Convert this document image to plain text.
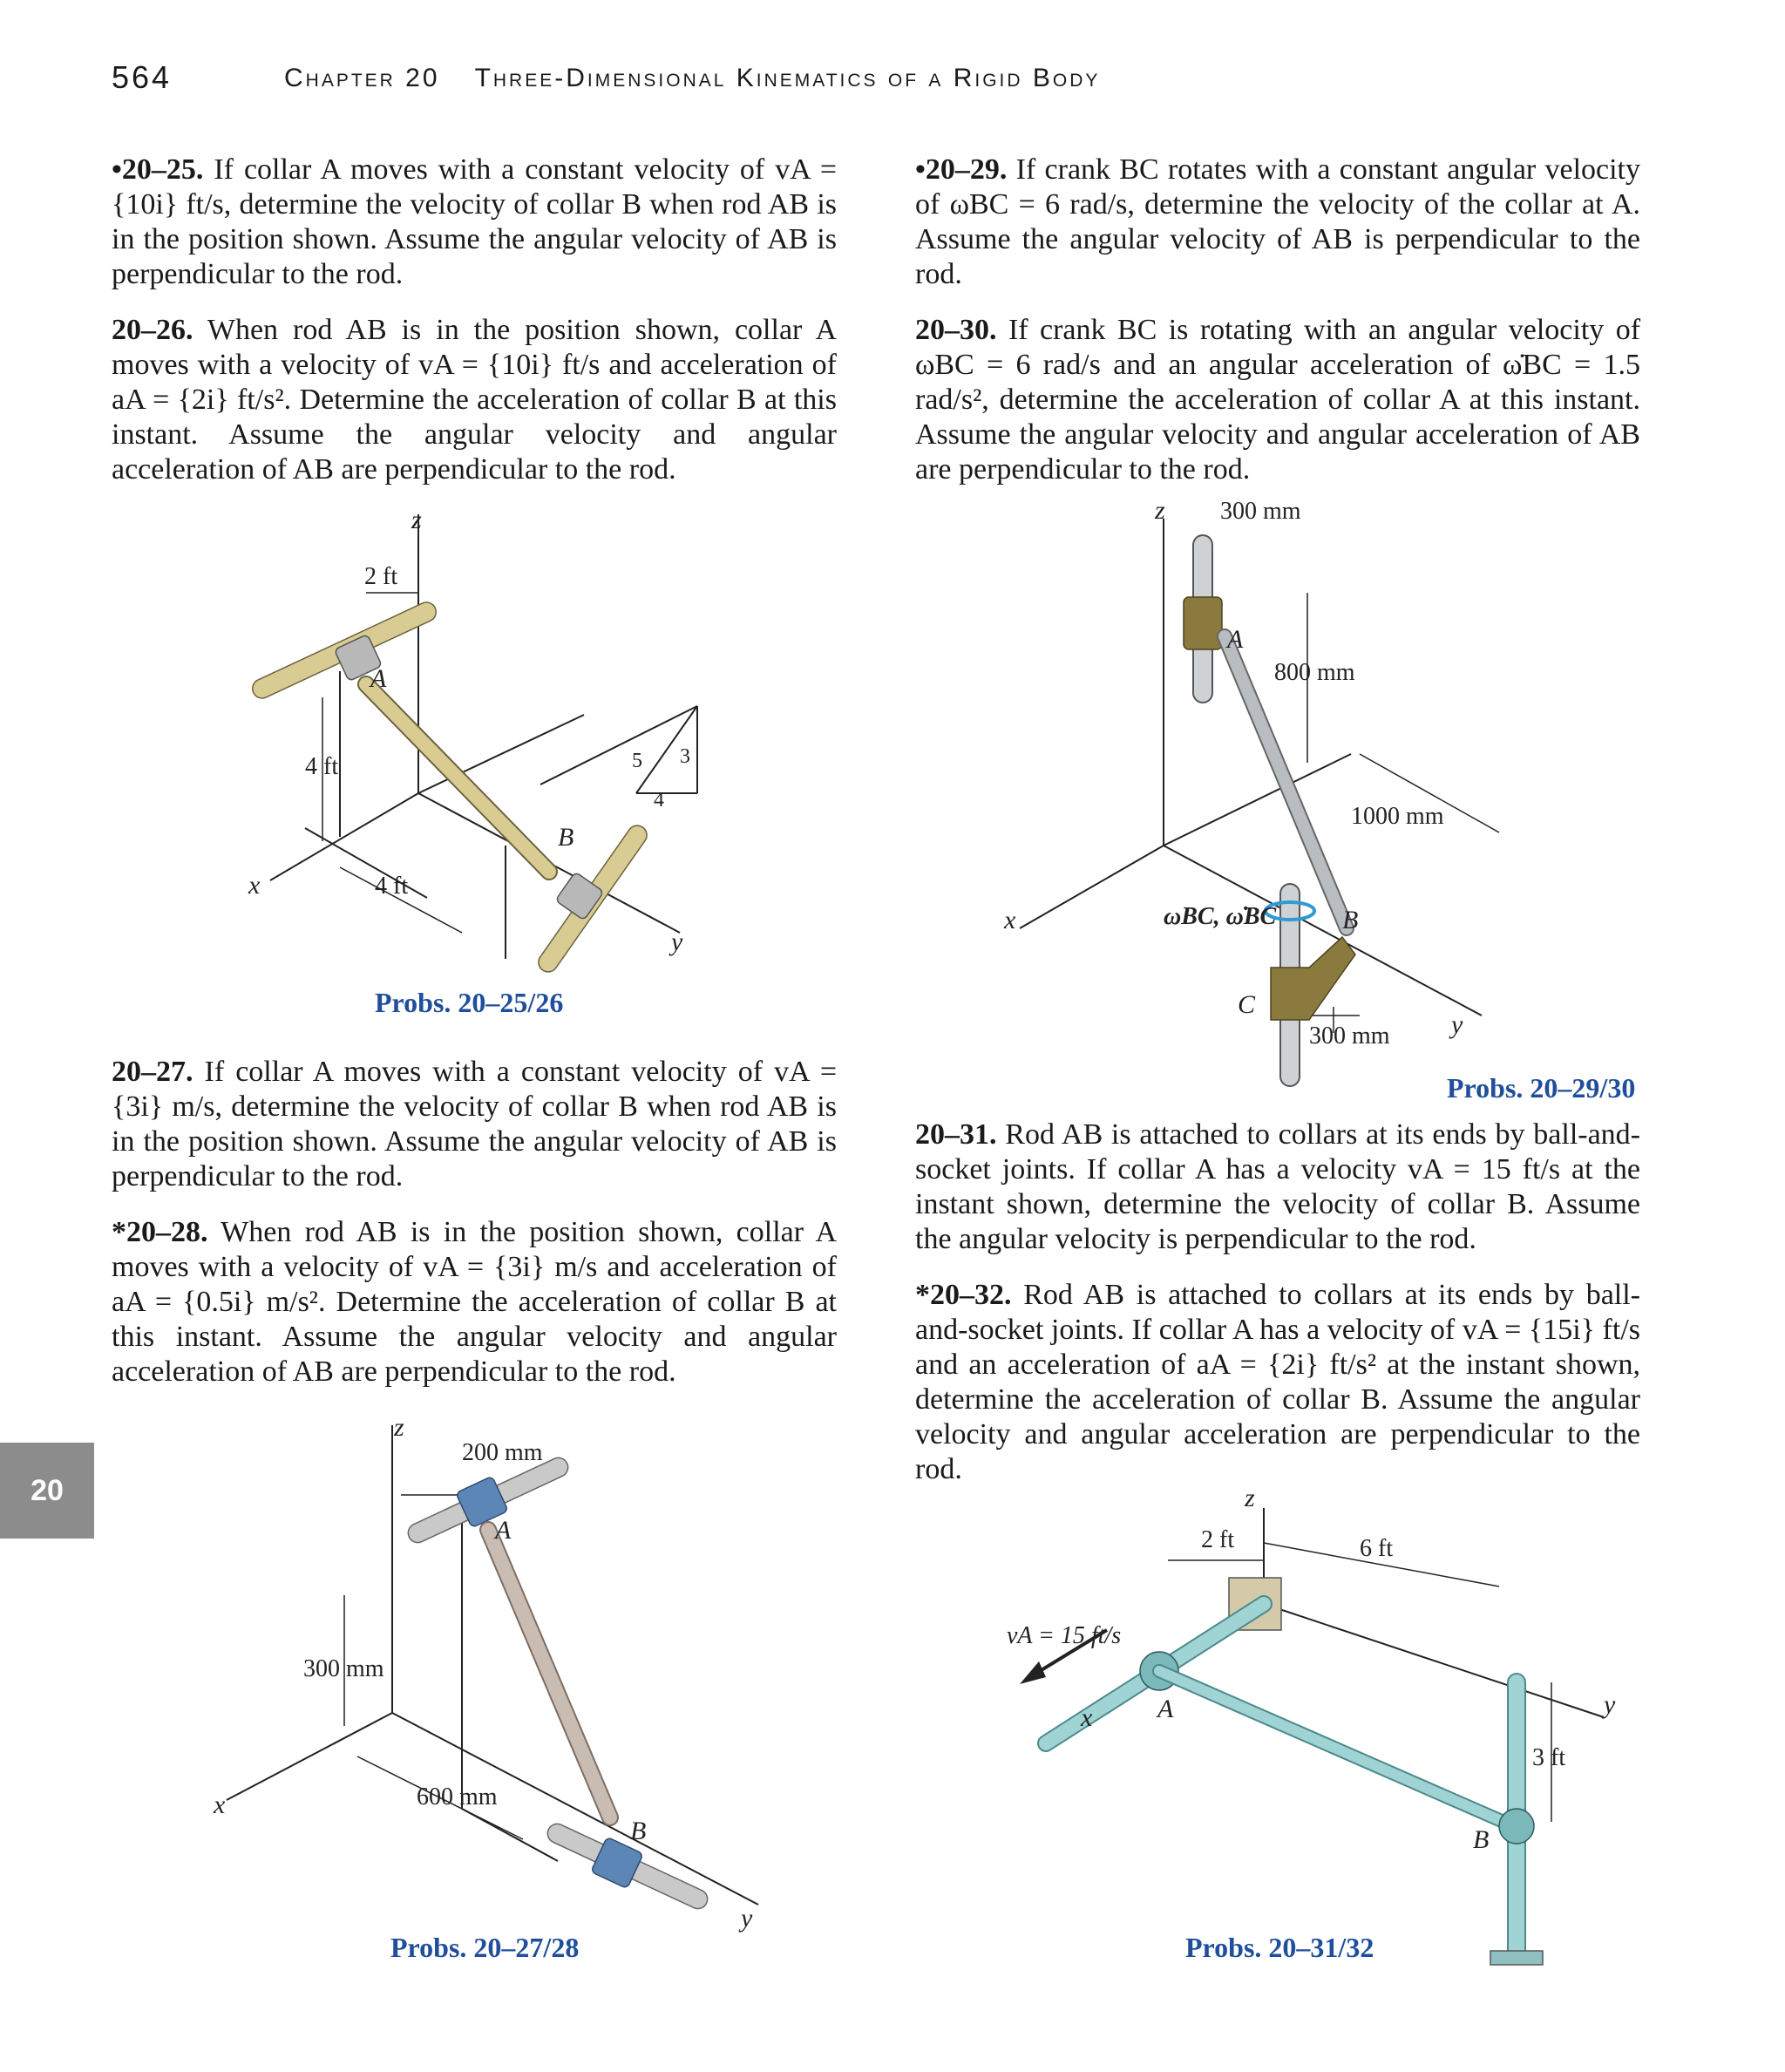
564	Chapter 20 Three-Dimensional Kinematics of a Rigid Body
20

•20–25. If collar A moves with a constant velocity of vA = {10i} ft/s, determine the velocity of collar B when rod AB is in the position shown. Assume the angular velocity of AB is perpendicular to the rod.

20–26. When rod AB is in the position shown, collar A moves with a velocity of vA = {10i} ft/s and acceleration of aA = {2i} ft/s². Determine the acceleration of collar B at this instant. Assume the angular velocity and angular acceleration of AB are perpendicular to the rod.

z
x
y
A
B
2 ft
4 ft
4 ft
5 3
4
Probs. 20–25/26

20–27. If collar A moves with a constant velocity of vA = {3i} m/s, determine the velocity of collar B when rod AB is in the position shown. Assume the angular velocity of AB is perpendicular to the rod.

*20–28. When rod AB is in the position shown, collar A moves with a velocity of vA = {3i} m/s and acceleration of aA = {0.5i} m/s². Determine the acceleration of collar B at this instant. Assume the angular velocity and angular acceleration of AB are perpendicular to the rod.

z
x
y
A
B
200 mm
300 mm
600 mm
Probs. 20–27/28

•20–29. If crank BC rotates with a constant angular velocity of ωBC = 6 rad/s, determine the velocity of the collar at A. Assume the angular velocity of AB is perpendicular to the rod.

20–30. If crank BC is rotating with an angular velocity of ωBC = 6 rad/s and an angular acceleration of ω̇BC = 1.5 rad/s², determine the acceleration of collar A at this instant. Assume the angular velocity and angular acceleration of AB are perpendicular to the rod.

z
x
y
A
B
C
300 mm
800 mm
1000 mm
300 mm
ωBC, ω̇BC
Probs. 20–29/30

20–31. Rod AB is attached to collars at its ends by ball-and-socket joints. If collar A has a velocity vA = 15 ft/s at the instant shown, determine the velocity of collar B. Assume the angular velocity is perpendicular to the rod.

*20–32. Rod AB is attached to collars at its ends by ball-and-socket joints. If collar A has a velocity of vA = {15i} ft/s and an acceleration of aA = {2i} ft/s² at the instant shown, determine the acceleration of collar B. Assume the angular velocity and angular acceleration are perpendicular to the rod.

z
x	y
A
B
2 ft	6 ft
3 ft
vA = 15 ft/s
Probs. 20–31/32
